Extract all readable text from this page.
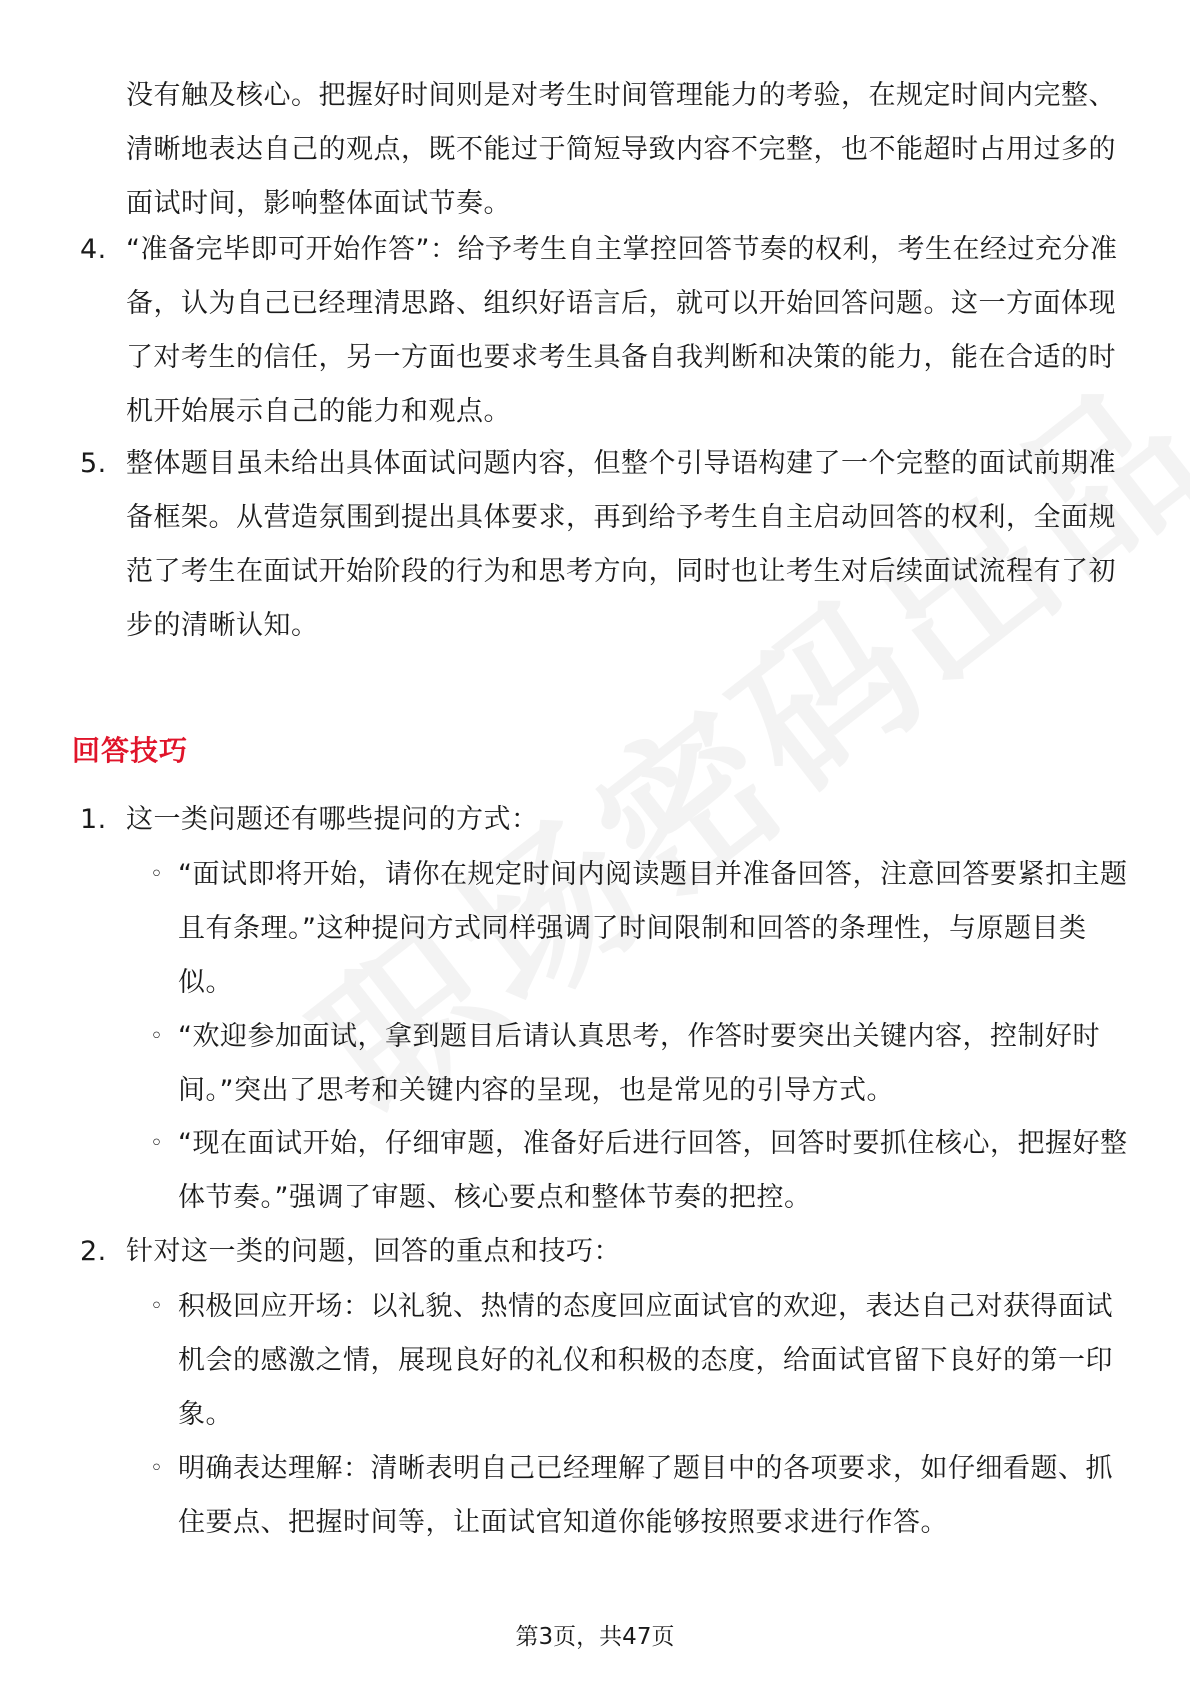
没有触及核心。把握好时间则是对考生时间管理能力的考验，在规定时间内完整、清晰地表达自己的观点，既不能过于简短导致内容不完整，也不能超时占用过多的面试时间，影响整体面试节奏。
4. “准备完毕即可开始作答”：给予考生自主掌控回答节奏的权利，考生在经过充分准备，认为自己已经理清思路、组织好语言后，就可以开始回答问题。这一方面体现了对考生的信任，另一方面也要求考生具备自我判断和决策的能力，能在合适的时机开始展示自己的能力和观点。
5. 整体题目虽未给出具体面试问题内容，但整个引导语构建了一个完整的面试前期准备框架。从营造氛围到提出具体要求，再到给予考生自主启动回答的权利，全面规范了考生在面试开始阶段的行为和思考方向，同时也让考生对后续面试流程有了初步的清晰认知。
回答技巧
1. 这一类问题还有哪些提问的方式：
◦ “面试即将开始，请你在规定时间内阅读题目并准备回答，注意回答要紧扣主题且有条理。”这种提问方式同样强调了时间限制和回答的条理性，与原题目类似。
◦ “欢迎参加面试，拿到题目后请认真思考，作答时要突出关键内容，控制好时间。”突出了思考和关键内容的呈现，也是常见的引导方式。
◦ “现在面试开始，仔细审题，准备好后进行回答，回答时要抓住核心，把握好整体节奏。”强调了审题、核心要点和整体节奏的把控。
2. 针对这一类的问题，回答的重点和技巧：
◦ 积极回应开场：以礼貌、热情的态度回应面试官的欢迎，表达自己对获得面试机会的感激之情，展现良好的礼仪和积极的态度，给面试官留下良好的第一印象。
◦ 明确表达理解：清晰表明自己已经理解了题目中的各项要求，如仔细看题、抓住要点、把握时间等，让面试官知道你能够按照要求进行作答。
第3页，共47页
